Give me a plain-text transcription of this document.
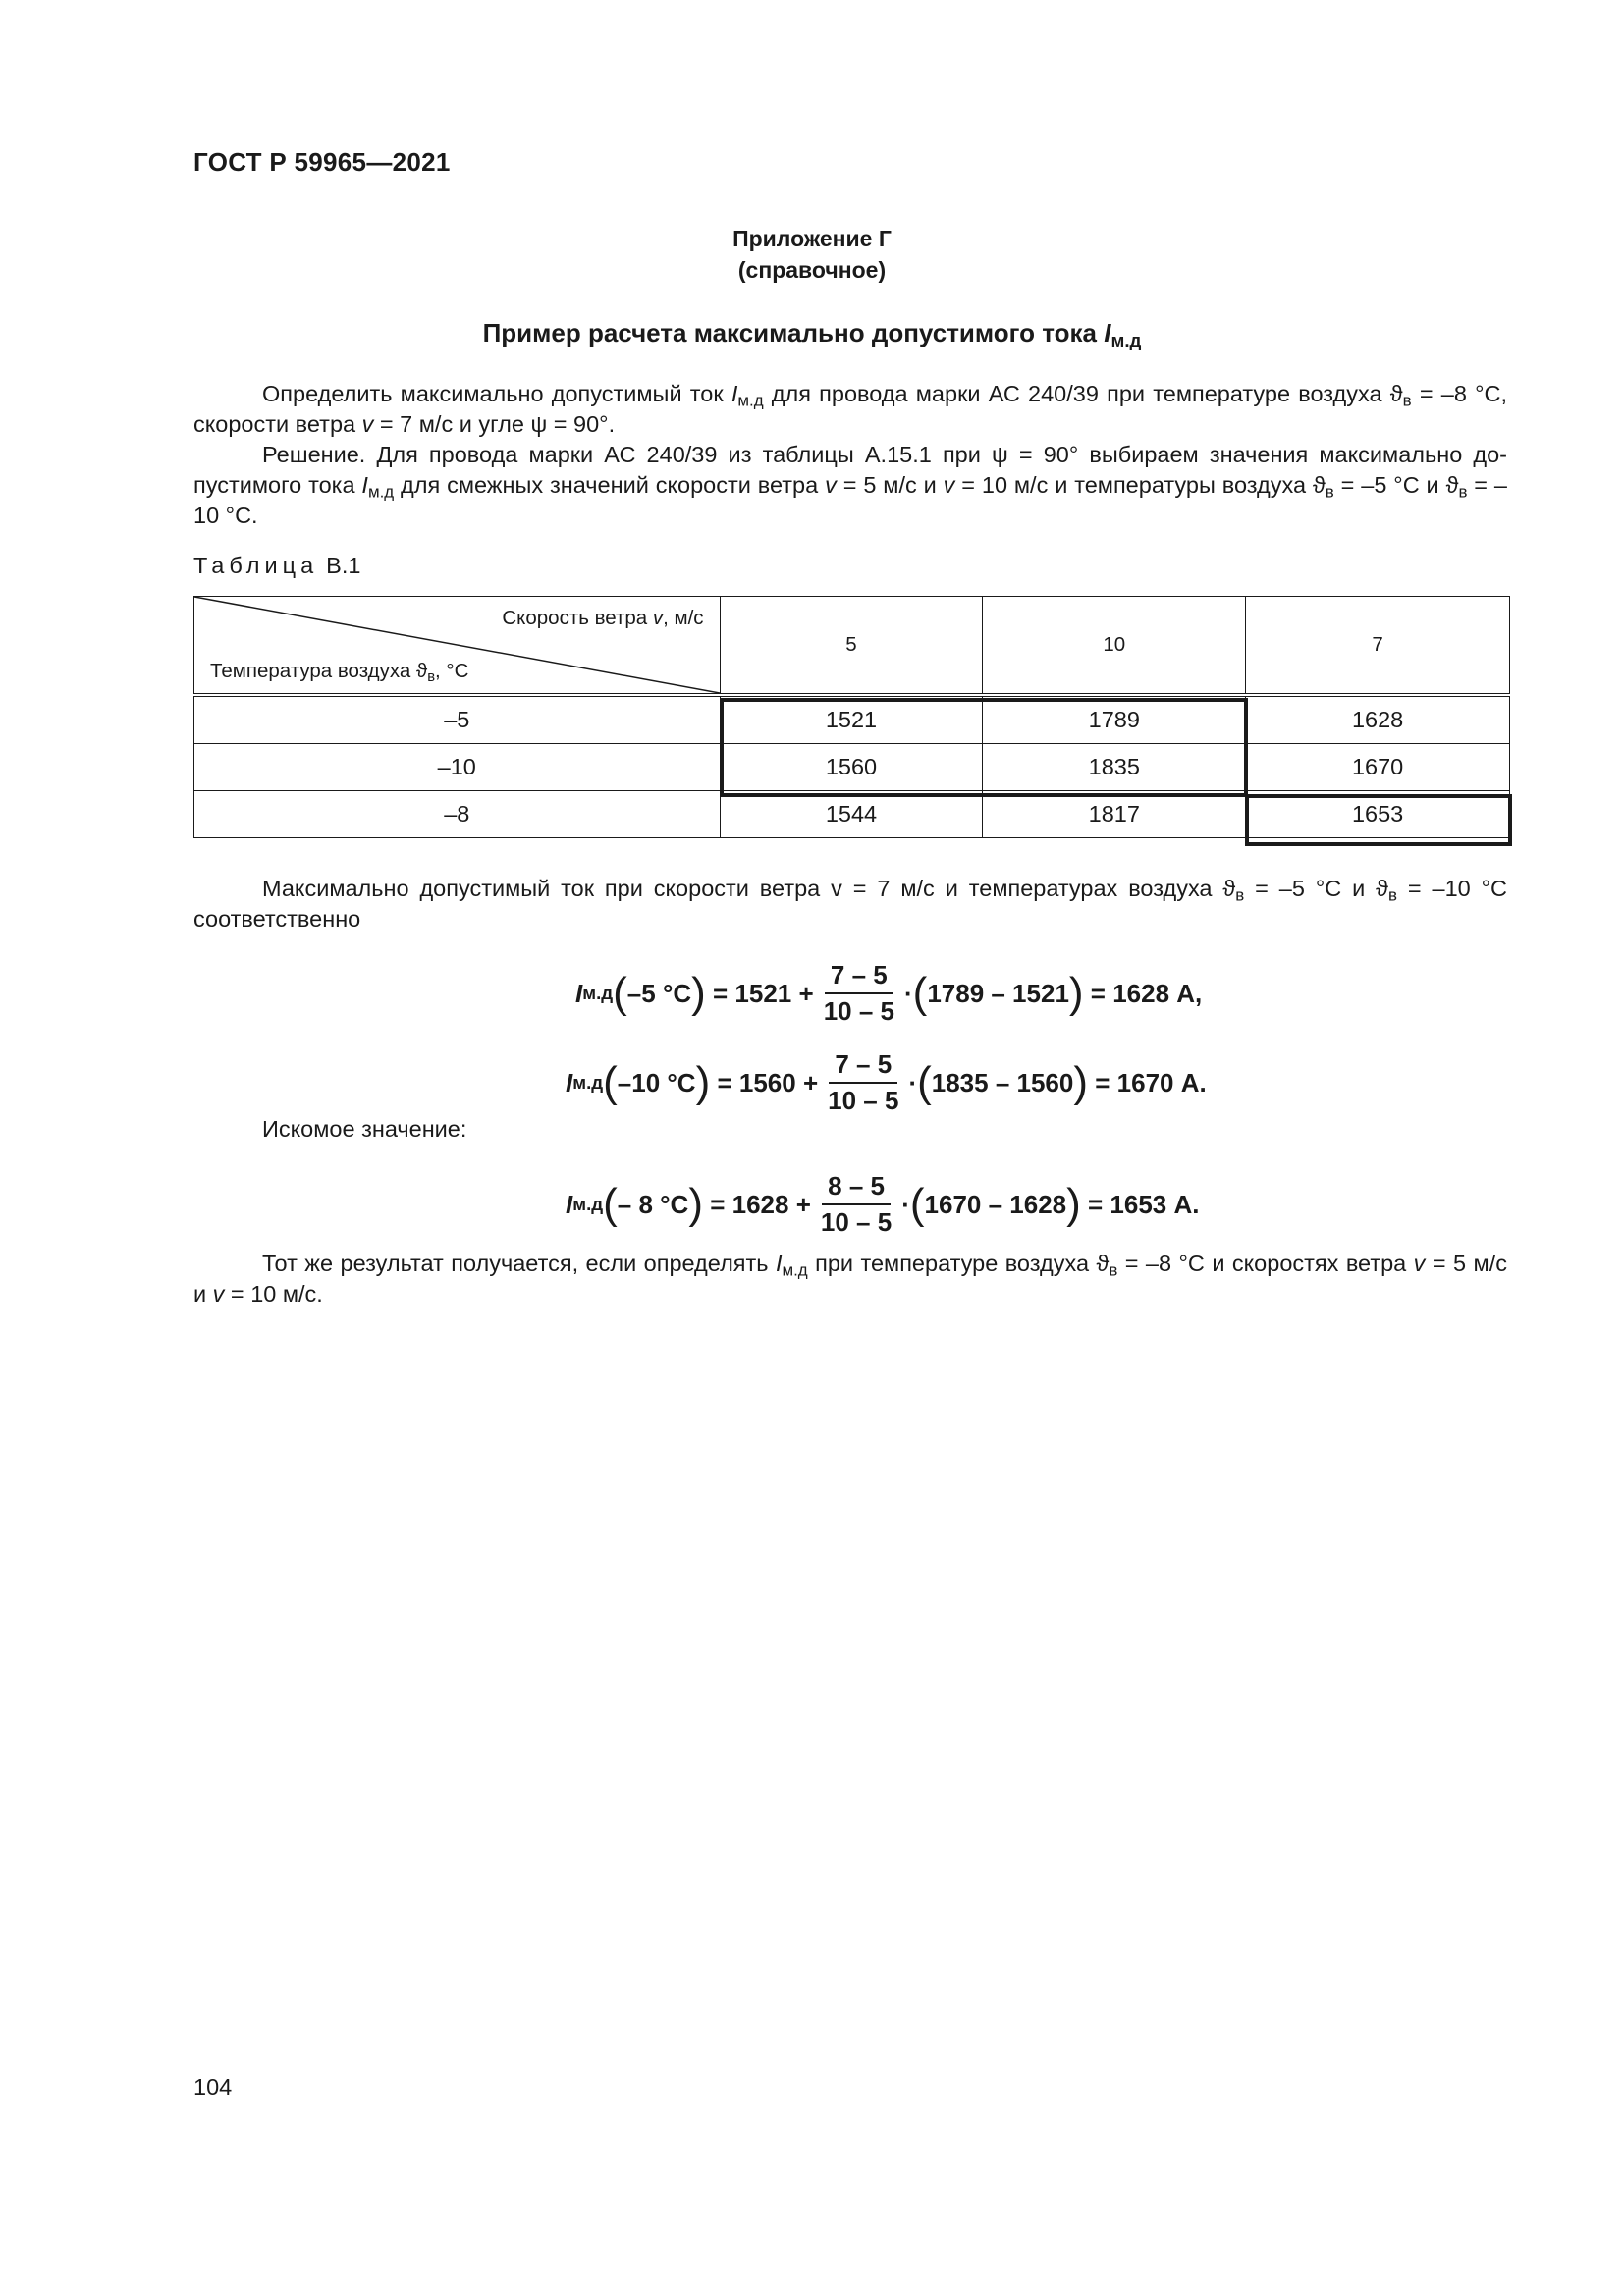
ГОСТ Р 59965—2021
Приложение Г
(справочное)
Пример расчета максимально допустимого тока $I_{м.д}$
Определить максимально допустимый ток $I_{м.д}$ для провода марки АС 240/39 при температуре воздуха $ϑ_в = -8$ °С, скорости ветра v = 7 м/с и угле ψ = 90°.
Решение. Для провода марки АС 240/39 из таблицы А.15.1 при ψ = 90° выбираем значения максимально до-пустимого тока $I_{м.д}$ для смежных значений скорости ветра v = 5 м/с и v = 10 м/с и температуры воздуха $ϑ_в = -5$ °С и $ϑ_в = -10$ °С.
Таблица В.1
Скорость ветра v, м/с
Температура воздуха $ϑ_в$, °С	5	10	7
–5	1521	1789	1628
–10	1560	1835	1670
–8	1544	1817	1653
Максимально допустимый ток при скорости ветра v = 7 м/с и температурах воздуха $ϑ_в = -5$ °С и $ϑ_в = -10$ °С соответственно
I м.д ( –5 °С ) = $1521 + \frac{7 - 5}{10 - 5}$ · ( 1789 – 1521 ) = 1628 А,
I м.д ( –10 °С ) = $1560 + \frac{7 - 5}{10 - 5}$ · ( 1835 – 1560 ) = 1670 А.
Искомое значение:
I м.д ( – 8 °С ) = $1628 + \frac{8 - 5}{10 - 5}$ · ( 1670 – 1628 ) = 1653 А.
Тот же результат получается, если определять $I_{м.д}$ при температуре воздуха $ϑ_в = -8$ °С и скоростях ветра v = 5 м/с и v = 10 м/с.
104
